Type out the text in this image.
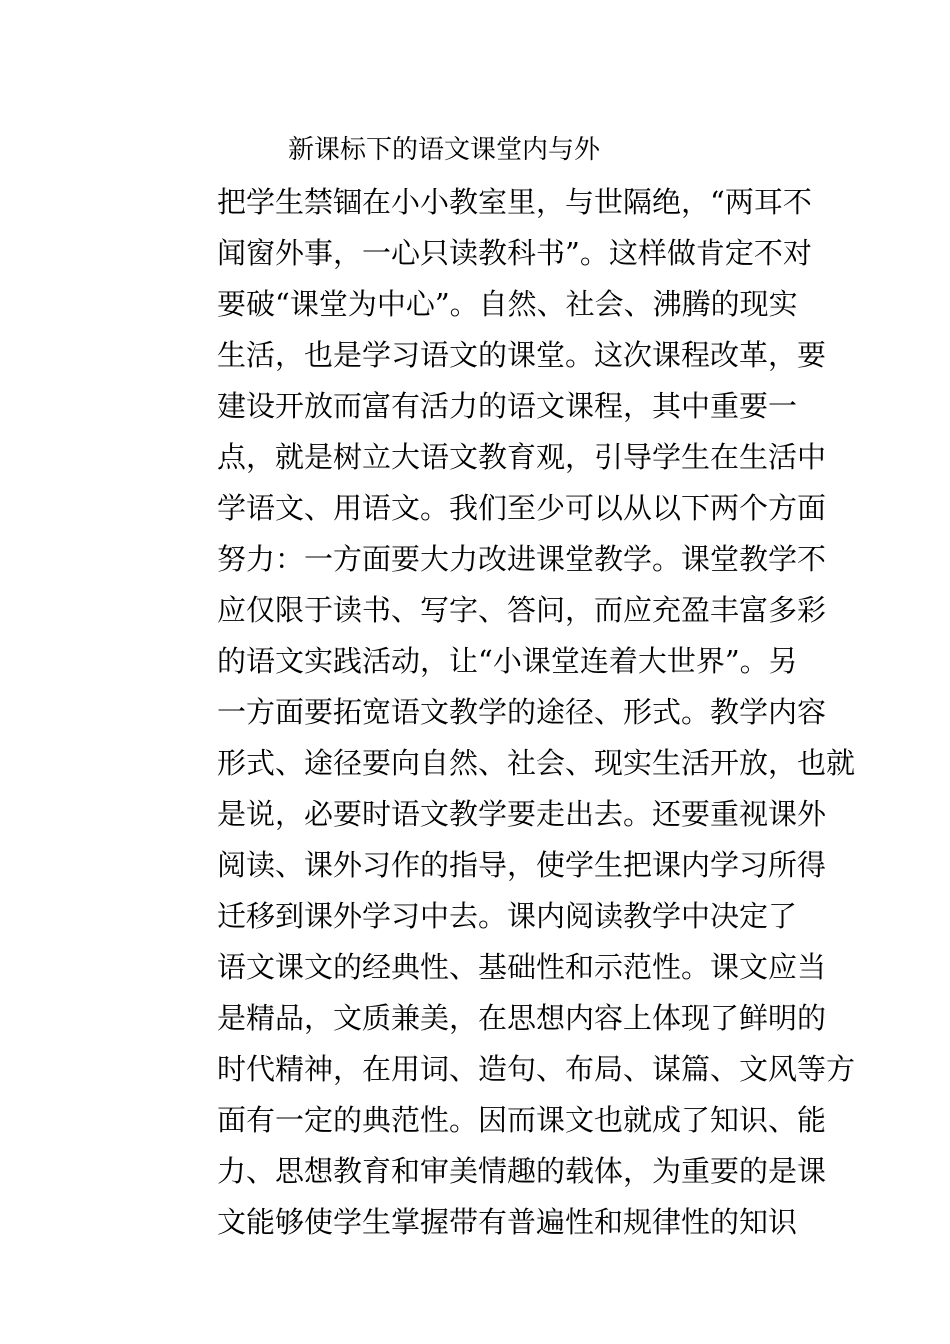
新课标下的语文课堂内与外
把学生禁锢在小小教室里，与世隔绝，“两耳不
闻窗外事，一心只读教科书”。这样做肯定不对
要破“课堂为中心”。自然、社会、沸腾的现实
生活，也是学习语文的课堂。这次课程改革，要
建设开放而富有活力的语文课程，其中重要一
点，就是树立大语文教育观，引导学生在生活中
学语文、用语文。我们至少可以从以下两个方面
努力：一方面要大力改进课堂教学。课堂教学不
应仅限于读书、写字、答问，而应充盈丰富多彩
的语文实践活动，让“小课堂连着大世界”。另
一方面要拓宽语文教学的途径、形式。教学内容
形式、途径要向自然、社会、现实生活开放，也就
是说，必要时语文教学要走出去。还要重视课外
阅读、课外习作的指导，使学生把课内学习所得
迁移到课外学习中去。课内阅读教学中决定了
语文课文的经典性、基础性和示范性。课文应当
是精品，文质兼美，在思想内容上体现了鲜明的
时代精神，在用词、造句、布局、谋篇、文风等方
面有一定的典范性。因而课文也就成了知识、能
力、思想教育和审美情趣的载体，为重要的是课
文能够使学生掌握带有普遍性和规律性的知识
